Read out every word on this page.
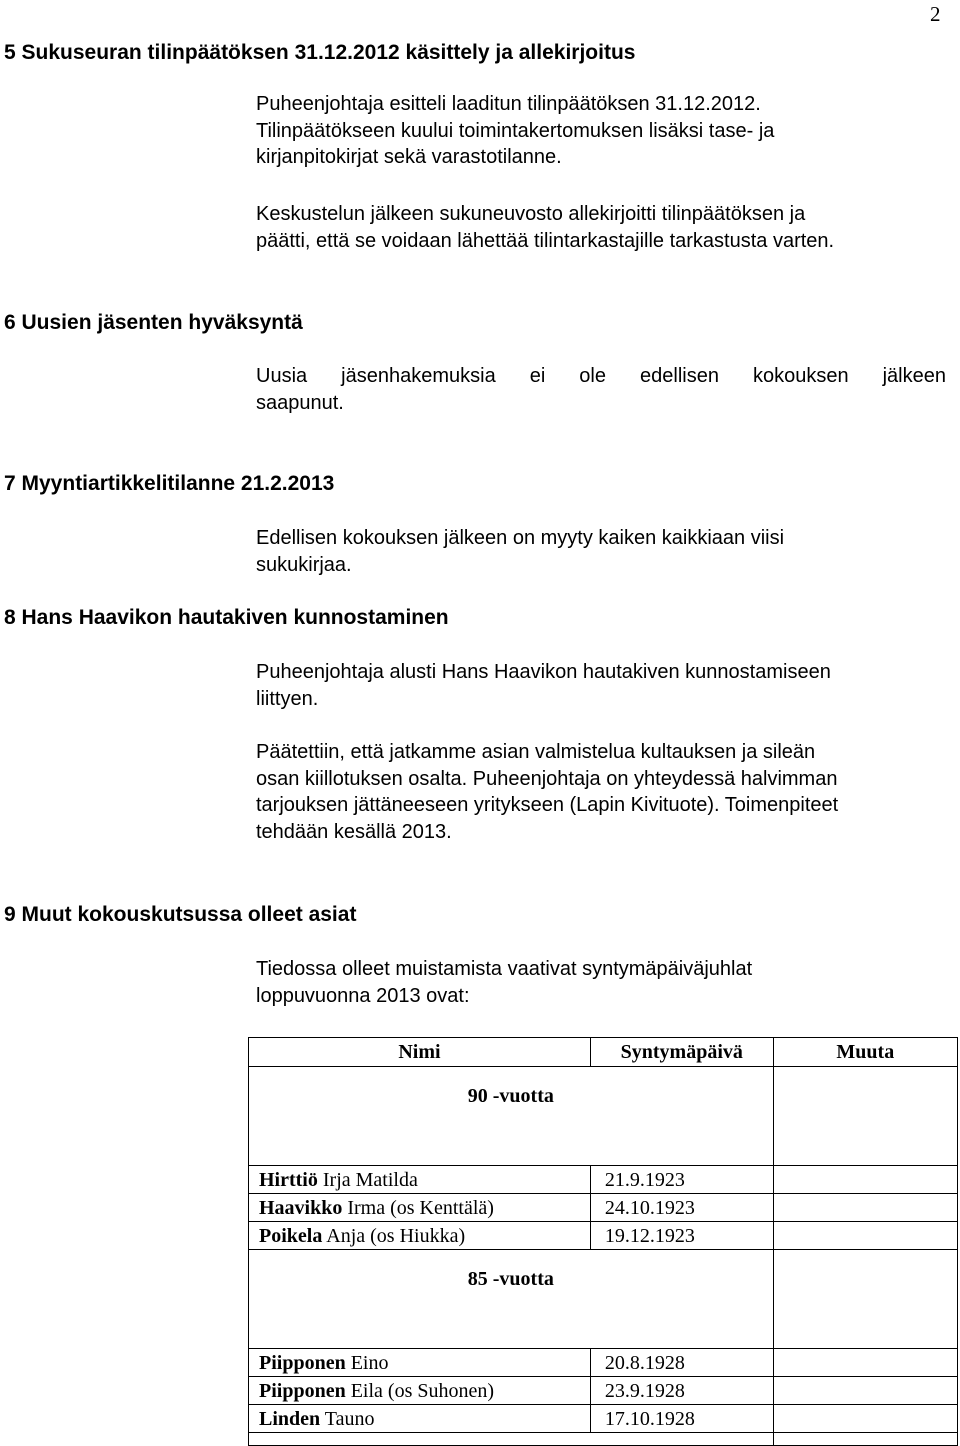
2
5 Sukuseuran tilinpäätöksen 31.12.2012 käsittely ja allekirjoitus
Puheenjohtaja esitteli laaditun tilinpäätöksen 31.12.2012.
Tilinpäätökseen kuului toimintakertomuksen lisäksi tase- ja
kirjanpitokirjat sekä varastotilanne.
Keskustelun jälkeen sukuneuvosto allekirjoitti tilinpäätöksen ja
päätti, että se voidaan lähettää tilintarkastajille tarkastusta varten.
6 Uusien jäsenten hyväksyntä
Uusia jäsenhakemuksia ei ole edellisen kokouksen jälkeen
saapunut.
7 Myyntiartikkelitilanne 21.2.2013
Edellisen kokouksen jälkeen on myyty kaiken kaikkiaan viisi
sukukirjaa.
8 Hans Haavikon hautakiven kunnostaminen
Puheenjohtaja alusti Hans Haavikon hautakiven kunnostamiseen
liittyen.
Päätettiin, että jatkamme asian valmistelua kultauksen ja sileän
osan kiillotuksen osalta. Puheenjohtaja on yhteydessä halvimman
tarjouksen jättäneeseen yritykseen (Lapin Kivituote). Toimenpiteet
tehdään kesällä 2013.
9 Muut kokouskutsussa olleet asiat
Tiedossa olleet muistamista vaativat syntymäpäiväjuhlat
loppuvuonna 2013 ovat:
Nimi	Syntymäpäivä	Muuta
90 -vuotta		
Hirttiö Irja Matilda	21.9.1923	
Haavikko Irma (os Kenttälä)	24.10.1923	
Poikela Anja (os Hiukka)	19.12.1923	
85 -vuotta		
Piipponen Eino	20.8.1928	
Piipponen Eila (os Suhonen)	23.9.1928	
Linden Tauno	17.10.1928	
